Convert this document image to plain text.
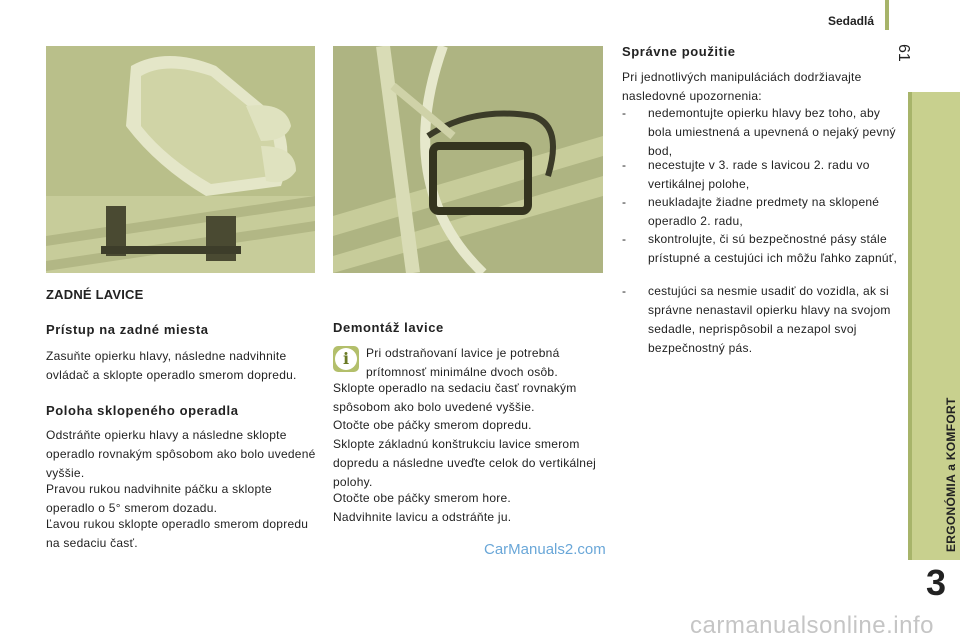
Sedadlá
61
ERGONÓMIA a KOMFORT
3
ZADNÉ LAVICE
Prístup na zadné miesta

Zasuňte opierku hlavy, následne nadvihnite ovládač a sklopte operadlo smerom dopredu.

Poloha sklopeného operadla

Odstráňte opierku hlavy a následne sklopte operadlo rovnakým spôsobom ako bolo uvedené vyššie.

Pravou rukou nadvihnite páčku a sklopte operadlo o 5° smerom dozadu.

Ľavou rukou sklopte operadlo smerom dopredu na sedaciu časť.

Demontáž lavice
i	Pri odstraňovaní lavice je potrebná prítomnosť minimálne dvoch osôb.

Sklopte operadlo na sedaciu časť rovnakým spôsobom ako bolo uvedené vyššie.

Otočte obe páčky smerom dopredu.

Sklopte základnú konštrukciu lavice smerom dopredu a následne uveďte celok do vertikálnej polohy.

Otočte obe páčky smerom hore.

Nadvihnite lavicu a odstráňte ju.

Správne použitie

Pri jednotlivých manipuláciách dodržiavajte nasledovné upozornenia:

- nedemontujte opierku hlavy bez toho, aby bola umiestnená a upevnená o nejaký pevný bod,
- necestujte v 3. rade s lavicou 2. radu vo vertikálnej polohe,
- neukladajte žiadne predmety na sklopené operadlo 2. radu,
- skontrolujte, či sú bezpečnostné pásy stále prístupné a cestujúci ich môžu ľahko zapnúť,
- cestujúci sa nesmie usadiť do vozidla, ak si správne nenastavil opierku hlavy na svojom sedadle, neprispôsobil a nezapol svoj bezpečnostný pás.
CarManuals2.com
carmanualsonline.info
